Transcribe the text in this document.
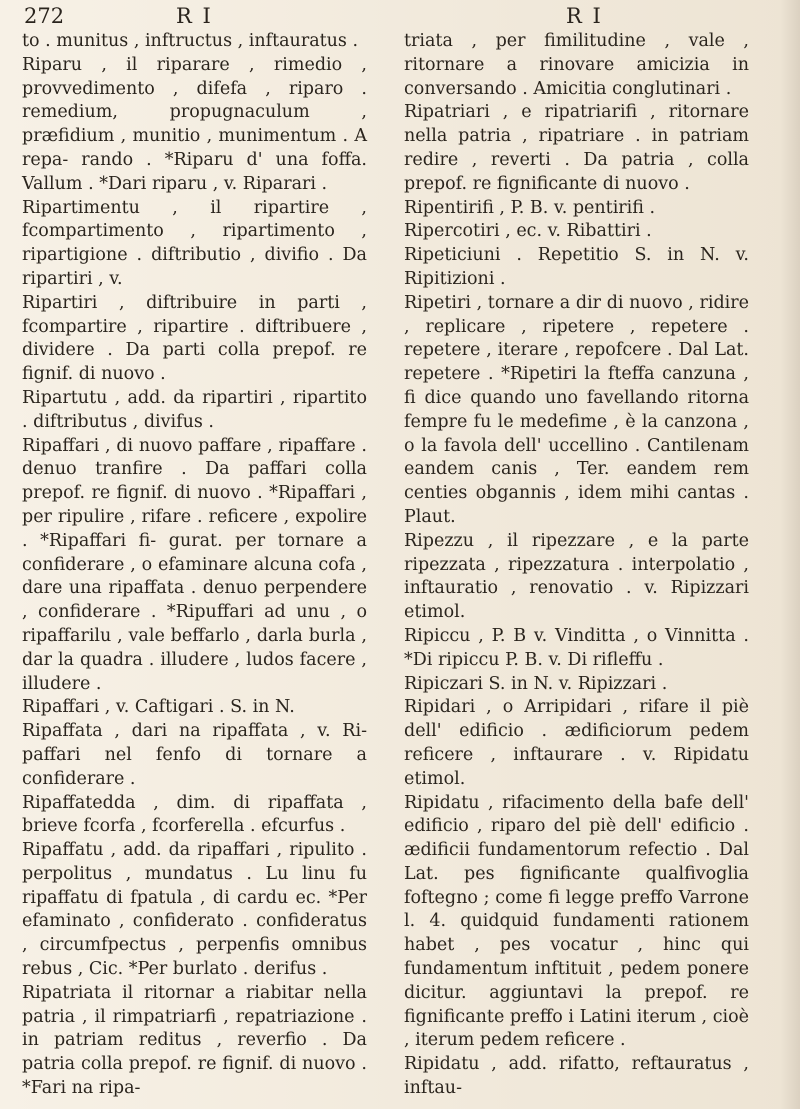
272	R I	R I

to . munitus , inftructus , inftauratus .

Riparu , il riparare , rimedio , provvedimento , difefa , riparo . remedium, propugnaculum , præfidium , munitio , munimentum . A repa- rando . *Riparu d' una foffa. Vallum . *Dari riparu , v. Riparari .

Ripartimentu , il ripartire , fcompartimento , ripartimento , ripartigione . diftributio , divifio . Da ripartiri , v.

Ripartiri , diftribuire in parti , fcompartire , ripartire . diftribuere , dividere . Da parti colla prepof. re fignif. di nuovo .

Ripartutu , add. da ripartiri , ripartito . diftributus , divifus .

Ripaffari , di nuovo paffare , ripaffare . denuo tranfire . Da paffari colla prepof. re fignif. di nuovo . *Ripaffari , per ripulire , rifare . reficere , expolire . *Ripaffari fi- gurat. per tornare a confiderare , o efaminare alcuna cofa , dare una ripaffata . denuo perpendere , confiderare . *Ripuffari ad unu , o ripaffarilu , vale beffarlo , darla burla , dar la quadra . illudere , ludos facere , illudere .

Ripaffari , v. Caftigari . S. in N.

Ripaffata , dari na ripaffata , v. Ri- paffari nel fenfo di tornare a confiderare .

Ripaffatedda , dim. di ripaffata , brieve fcorfa , fcorferella . efcurfus .

Ripaffatu , add. da ripaffari , ripulito . perpolitus , mundatus . Lu linu fu ripaffatu di fpatula , di cardu ec. *Per efaminato , confiderato . confideratus , circumfpectus , perpenfis omnibus rebus , Cic. *Per burlato . derifus .

Ripatriata il ritornar a riabitar nella patria , il rimpatriarfi , repatriazione . in patriam reditus , reverfio . Da patria colla prepof. re fignif. di nuovo . *Fari na ripa-

triata , per fimilitudine , vale , ritornare a rinovare amicizia in conversando . Amicitia conglutinari .

Ripatriari , e ripatriarifi , ritornare nella patria , ripatriare . in patriam redire , reverti . Da patria , colla prepof. re fignificante di nuovo .

Ripentirifi , P. B. v. pentirifi .

Ripercotiri , ec. v. Ribattiri .

Ripeticiuni . Repetitio S. in N. v. Ripitizioni .

Ripetiri , tornare a dir di nuovo , ridire , replicare , ripetere , repetere . repetere , iterare , repofcere . Dal Lat. repetere . *Ripetiri la fteffa canzuna , fi dice quando uno favellando ritorna fempre fu le medefime , è la canzona , o la favola dell' uccellino . Cantilenam eandem canis , Ter. eandem rem centies obgannis , idem mihi cantas . Plaut.

Ripezzu , il ripezzare , e la parte ripezzata , ripezzatura . interpolatio , inftauratio , renovatio . v. Ripizzari etimol.

Ripiccu , P. B v. Vinditta , o Vinnitta . *Di ripiccu P. B. v. Di rifleffu .

Ripiczari S. in N. v. Ripizzari .

Ripidari , o Arripidari , rifare il piè dell' edificio . ædificiorum pedem reficere , inftaurare . v. Ripidatu etimol.

Ripidatu , rifacimento della bafe dell' edificio , riparo del piè dell' edificio . ædificii fundamentorum refectio . Dal Lat. pes fignificante qualfivoglia foftegno ; come fi legge preffo Varrone l. 4. quidquid fundamenti rationem habet , pes vocatur , hinc qui fundamentum inftituit , pedem ponere dicitur. aggiuntavi la prepof. re fignificante preffo i Latini iterum , cioè , iterum pedem reficere .

Ripidatu , add. rifatto, reftauratus , inftau-
